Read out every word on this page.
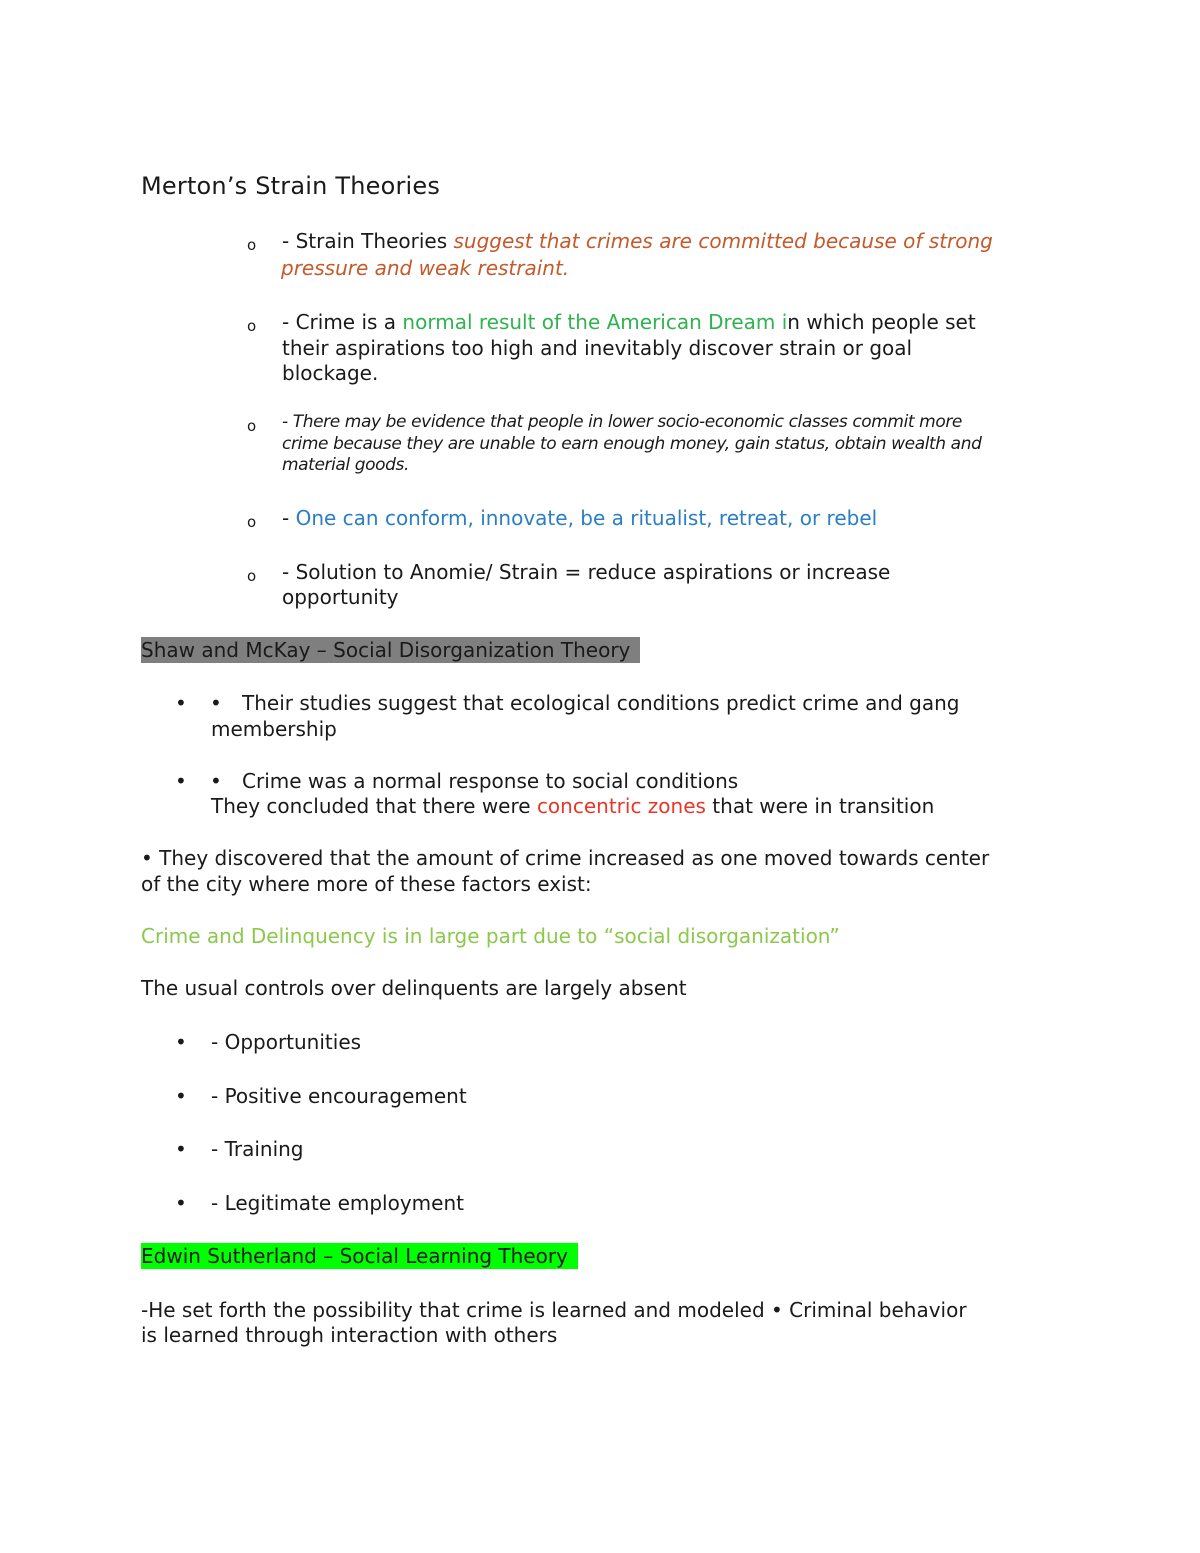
Merton’s Strain Theories

o - Strain Theories suggest that crimes are committed because of strong

pressure and weak restraint.

o - Crime is a normal result of the American Dream in which people set

their aspirations too high and inevitably discover strain or goal

blockage.

o - There may be evidence that people in lower socio-economic classes commit more

crime because they are unable to earn enough money, gain status, obtain wealth and

material goods.

o - One can conform, innovate, be a ritualist, retreat, or rebel

o - Solution to Anomie/ Strain = reduce aspirations or increase

opportunity

Shaw and McKay – Social Disorganization Theory

• • Their studies suggest that ecological conditions predict crime and gang

membership

• • Crime was a normal response to social conditions

They concluded that there were concentric zones that were in transition

• They discovered that the amount of crime increased as one moved towards center

of the city where more of these factors exist:

Crime and Delinquency is in large part due to “social disorganization”

The usual controls over delinquents are largely absent

• - Opportunities

• - Positive encouragement

• - Training

• - Legitimate employment

Edwin Sutherland – Social Learning Theory

-He set forth the possibility that crime is learned and modeled • Criminal behavior

is learned through interaction with others
